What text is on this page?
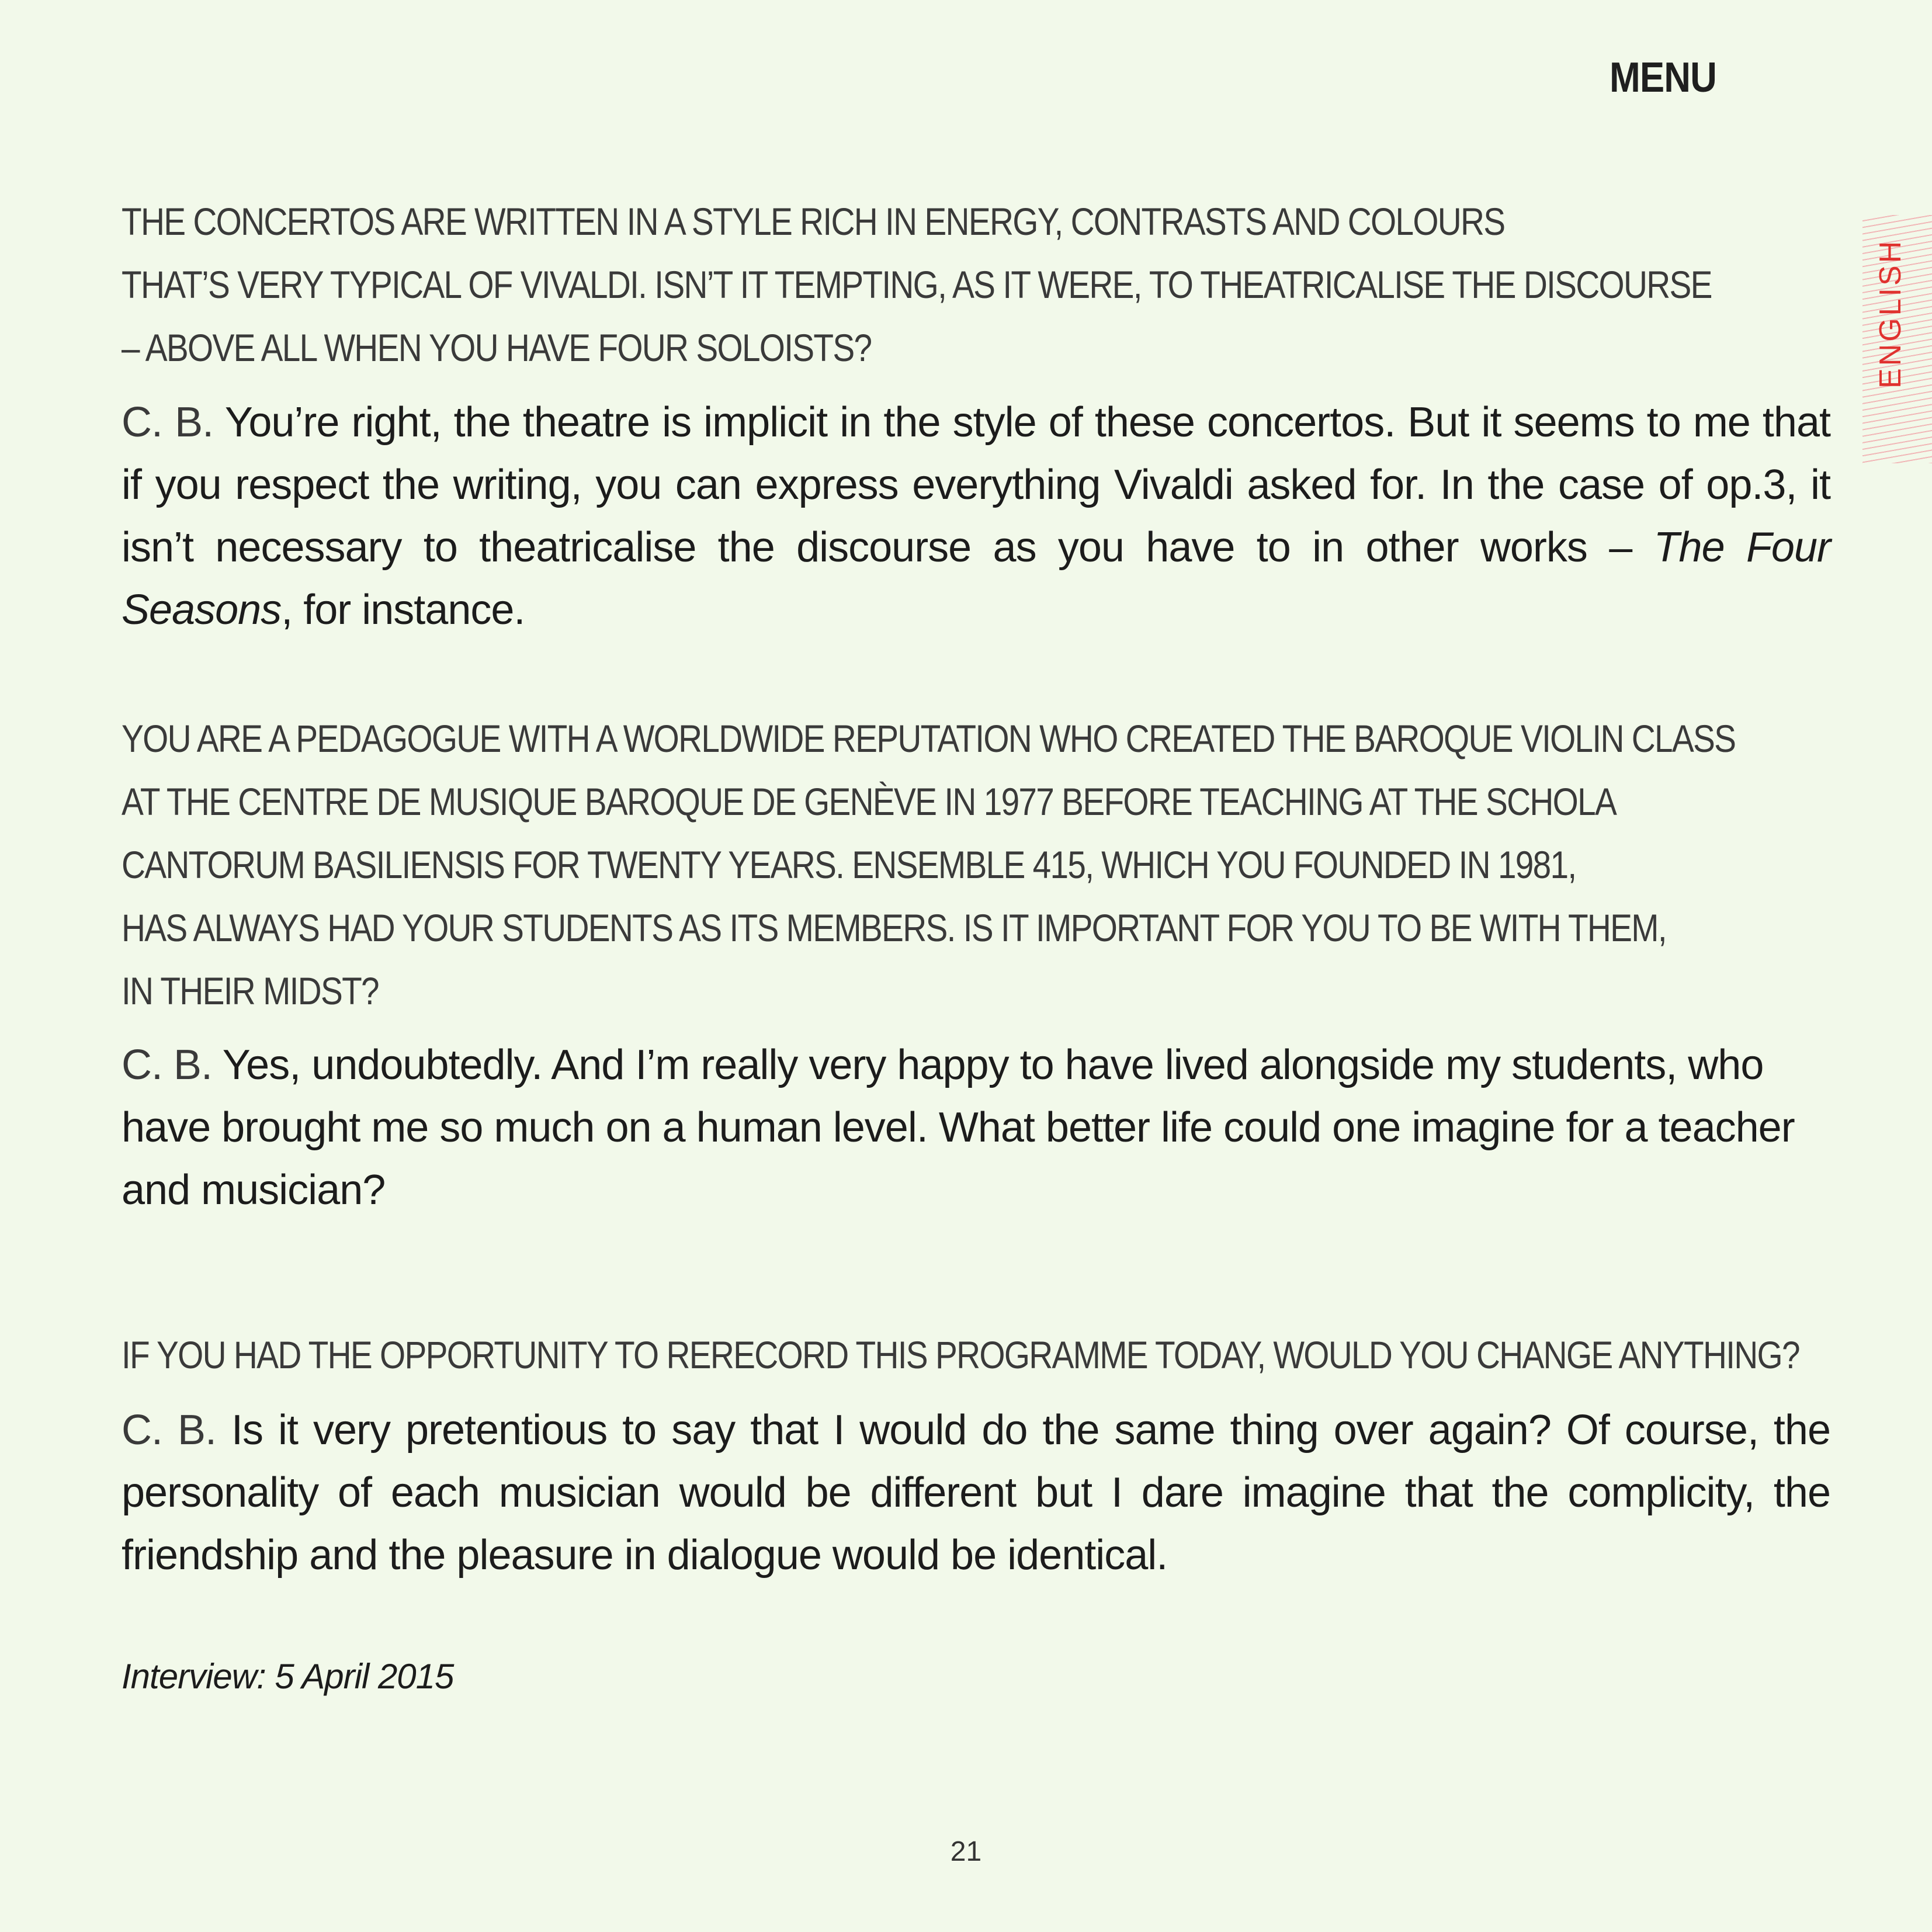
MENU
ENGLISH

THE CONCERTOS ARE WRITTEN IN A STYLE RICH IN ENERGY, CONTRASTS AND COLOURS
THAT’S VERY TYPICAL OF VIVALDI. ISN’T IT TEMPTING, AS IT WERE, TO THEATRICALISE THE DISCOURSE
– ABOVE ALL WHEN YOU HAVE FOUR SOLOISTS?

C. B. You’re right, the theatre is implicit in the style of these concertos. But it seems to me that if you respect the writing, you can express everything Vivaldi asked for. In the case of op.3, it isn’t necessary to theatricalise the discourse as you have to in other works – The Four Seasons, for instance.

YOU ARE A PEDAGOGUE WITH A WORLDWIDE REPUTATION WHO CREATED THE BAROQUE VIOLIN CLASS
AT THE CENTRE DE MUSIQUE BAROQUE DE GENÈVE IN 1977 BEFORE TEACHING AT THE SCHOLA
CANTORUM BASILIENSIS FOR TWENTY YEARS. ENSEMBLE 415, WHICH YOU FOUNDED IN 1981,
HAS ALWAYS HAD YOUR STUDENTS AS ITS MEMBERS. IS IT IMPORTANT FOR YOU TO BE WITH THEM,
IN THEIR MIDST?

C. B. Yes, undoubtedly. And I’m really very happy to have lived alongside my students, who have brought me so much on a human level. What better life could one imagine for a teacher and musician?

IF YOU HAD THE OPPORTUNITY TO RERECORD THIS PROGRAMME TODAY, WOULD YOU CHANGE ANYTHING?

C. B. Is it very pretentious to say that I would do the same thing over again? Of course, the personality of each musician would be different but I dare imagine that the complicity, the friendship and the pleasure in dialogue would be identical.

Interview: 5 April 2015
21
